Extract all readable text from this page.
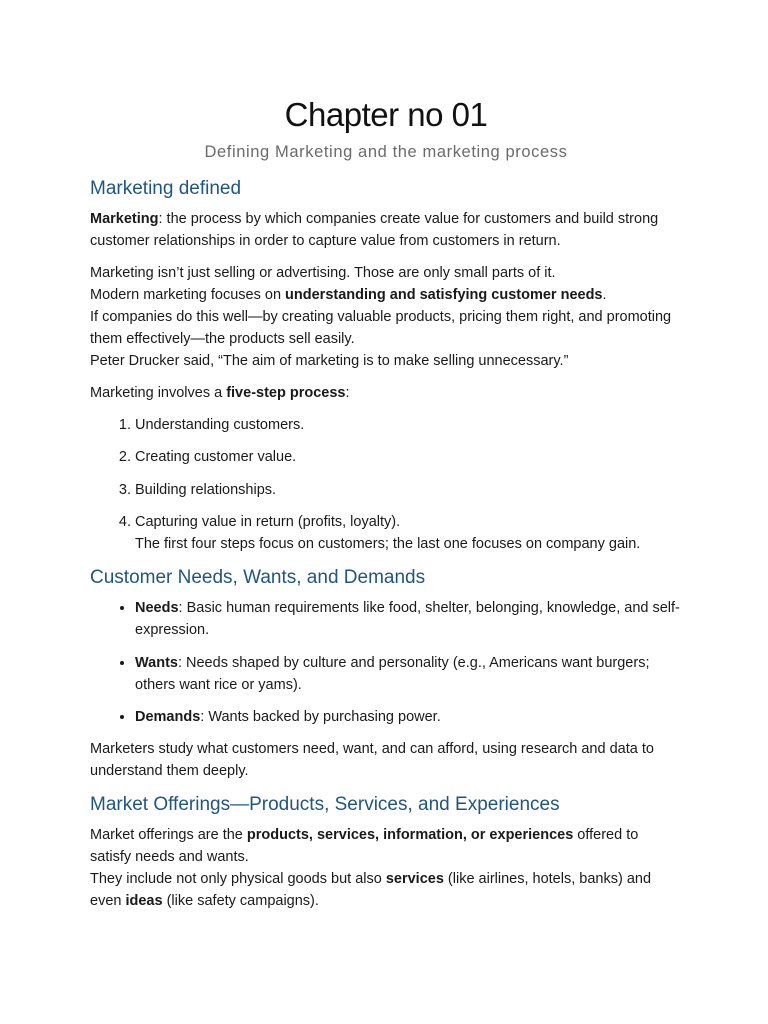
Chapter no 01
Defining Marketing and the marketing process
Marketing defined

Marketing: the process by which companies create value for customers and build strong customer relationships in order to capture value from customers in return.

Marketing isn’t just selling or advertising. Those are only small parts of it.
Modern marketing focuses on understanding and satisfying customer needs.
If companies do this well—by creating valuable products, pricing them right, and promoting them effectively—the products sell easily.
Peter Drucker said, “The aim of marketing is to make selling unnecessary.”

Marketing involves a five-step process:

1. Understanding customers.
2. Creating customer value.
3. Building relationships.
4. Capturing value in return (profits, loyalty).
The first four steps focus on customers; the last one focuses on company gain.
Customer Needs, Wants, and Demands
• Needs: Basic human requirements like food, shelter, belonging, knowledge, and self-expression.
• Wants: Needs shaped by culture and personality (e.g., Americans want burgers; others want rice or yams).
• Demands: Wants backed by purchasing power.

Marketers study what customers need, want, and can afford, using research and data to understand them deeply.

Market Offerings—Products, Services, and Experiences

Market offerings are the products, services, information, or experiences offered to satisfy needs and wants.
They include not only physical goods but also services (like airlines, hotels, banks) and even ideas (like safety campaigns).
